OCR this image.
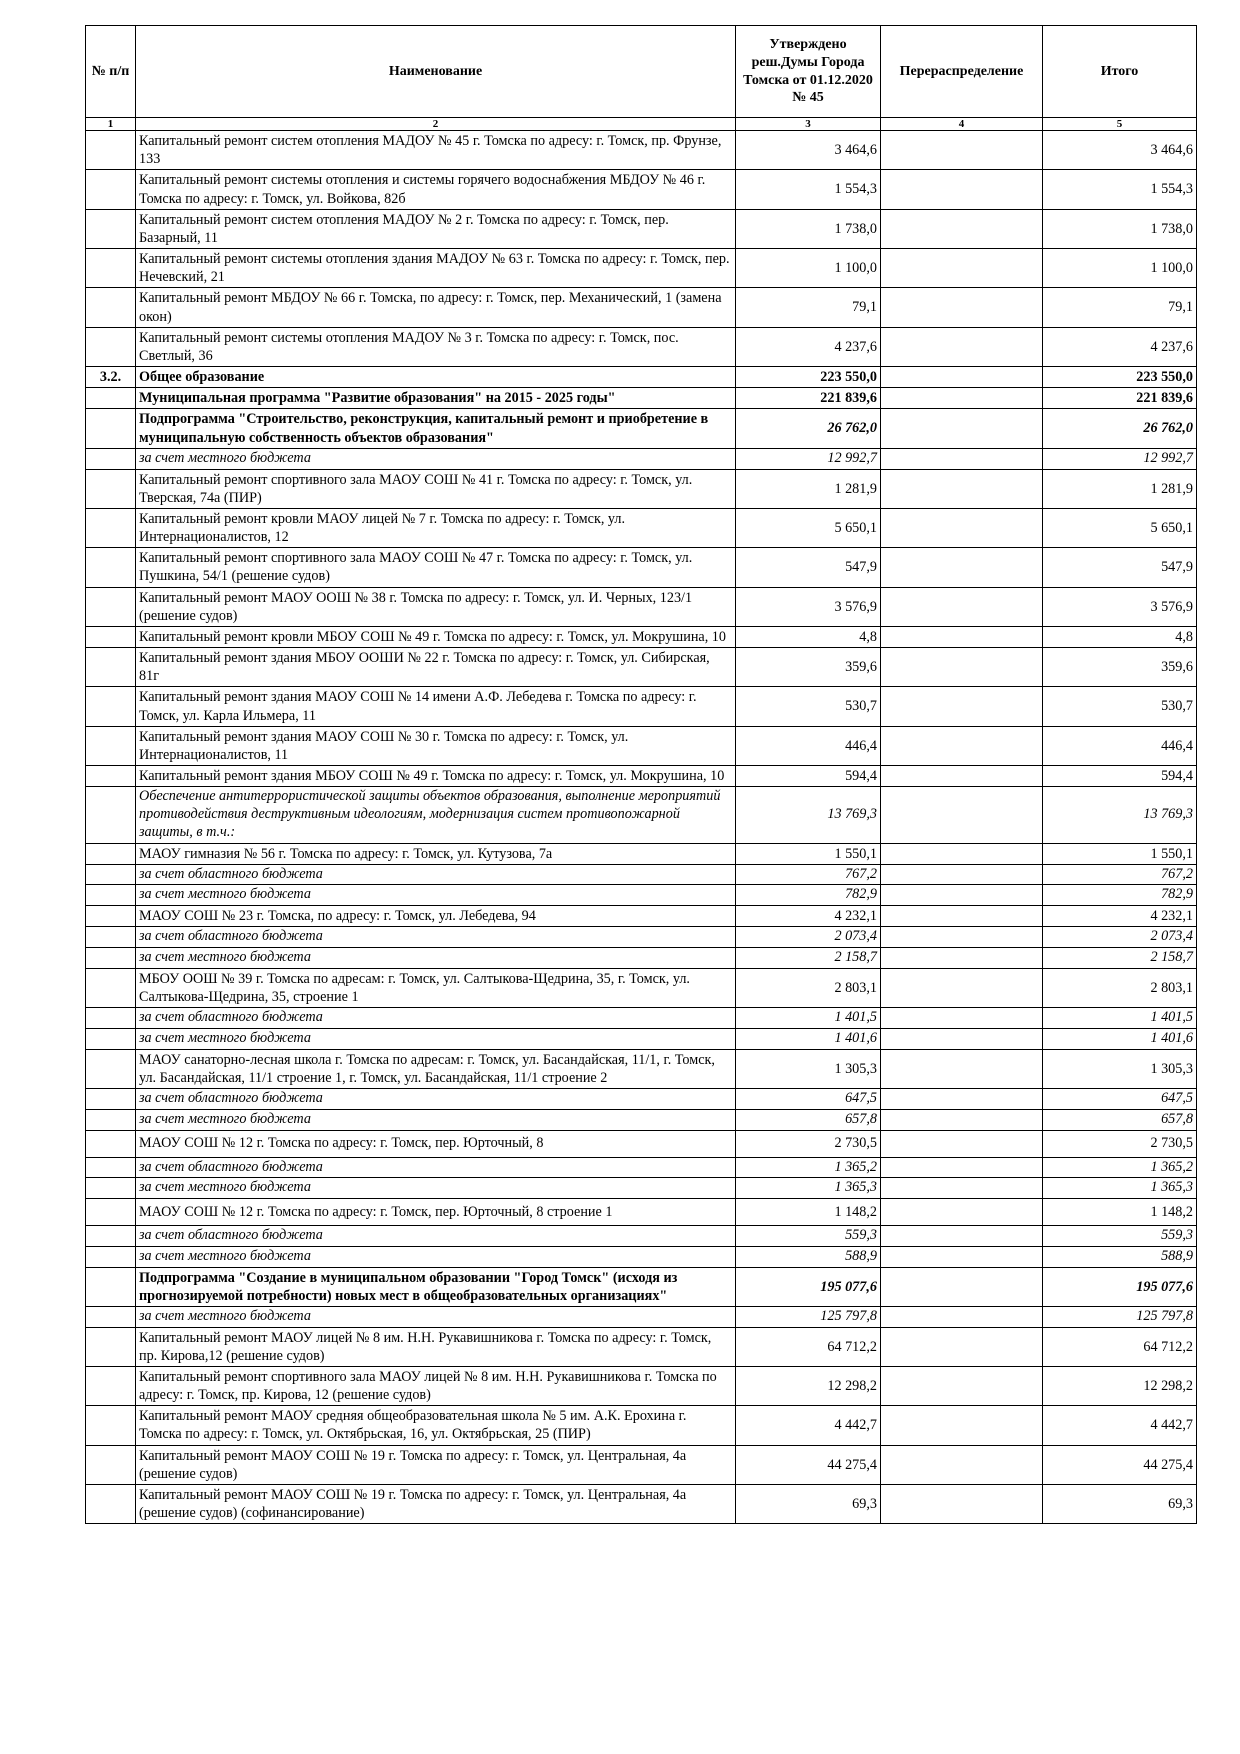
№ п/п	Наименование	Утверждено реш.Думы Города Томска от 01.12.2020 № 45	Перераспределение	Итого
1	2	3	4	5
	Капитальный ремонт систем отопления МАДОУ № 45 г. Томска по адресу: г. Томск, пр. Фрунзе, 133	3 464,6		3 464,6
	Капитальный ремонт системы отопления и системы горячего водоснабжения МБДОУ № 46 г. Томска по адресу: г. Томск, ул. Войкова, 82б	1 554,3		1 554,3
	Капитальный ремонт систем отопления МАДОУ № 2 г. Томска по адресу: г. Томск, пер. Базарный, 11	1 738,0		1 738,0
	Капитальный ремонт системы отопления здания МАДОУ № 63 г. Томска по адресу: г. Томск, пер. Нечевский, 21	1 100,0		1 100,0
	Капитальный ремонт МБДОУ № 66 г. Томска, по адресу: г. Томск, пер. Механический, 1 (замена окон)	79,1		79,1
	Капитальный ремонт системы отопления МАДОУ № 3 г. Томска по адресу: г. Томск, пос. Светлый, 36	4 237,6		4 237,6
3.2.	Общее образование	223 550,0		223 550,0
	Муниципальная программа "Развитие образования" на 2015 - 2025 годы"	221 839,6		221 839,6
	Подпрограмма "Строительство, реконструкция, капитальный ремонт и приобретение в муниципальную собственность объектов образования"	26 762,0		26 762,0
	за счет местного бюджета	12 992,7		12 992,7
	Капитальный ремонт спортивного зала МАОУ СОШ № 41 г. Томска по адресу: г. Томск, ул. Тверская, 74а (ПИР)	1 281,9		1 281,9
	Капитальный ремонт кровли МАОУ лицей № 7 г. Томска по адресу: г. Томск, ул. Интернационалистов, 12	5 650,1		5 650,1
	Капитальный ремонт спортивного зала МАОУ СОШ № 47 г. Томска по адресу: г. Томск, ул. Пушкина, 54/1 (решение судов)	547,9		547,9
	Капитальный ремонт МАОУ ООШ № 38 г. Томска по адресу: г. Томск, ул. И. Черных, 123/1 (решение судов)	3 576,9		3 576,9
	Капитальный ремонт кровли МБОУ СОШ № 49 г. Томска по адресу: г. Томск, ул. Мокрушина, 10	4,8		4,8
	Капитальный ремонт здания МБОУ ООШИ № 22 г. Томска по адресу: г. Томск, ул. Сибирская, 81г	359,6		359,6
	Капитальный ремонт здания МАОУ СОШ № 14 имени А.Ф. Лебедева г. Томска по адресу: г. Томск, ул. Карла Ильмера, 11	530,7		530,7
	Капитальный ремонт здания МАОУ СОШ № 30 г. Томска по адресу: г. Томск, ул. Интернационалистов, 11	446,4		446,4
	Капитальный ремонт здания МБОУ СОШ № 49 г. Томска по адресу: г. Томск, ул. Мокрушина, 10	594,4		594,4
	Обеспечение антитеррористической защиты объектов образования, выполнение мероприятий противодействия деструктивным идеологиям, модернизация систем противопожарной защиты, в т.ч.:	13 769,3		13 769,3
	МАОУ гимназия № 56 г. Томска по адресу: г. Томск, ул. Кутузова, 7а	1 550,1		1 550,1
	за счет областного бюджета	767,2		767,2
	за счет местного бюджета	782,9		782,9
	МАОУ СОШ № 23 г. Томска, по адресу: г. Томск, ул. Лебедева, 94	4 232,1		4 232,1
	за счет областного бюджета	2 073,4		2 073,4
	за счет местного бюджета	2 158,7		2 158,7
	МБОУ ООШ № 39 г. Томска по адресам: г. Томск, ул. Салтыкова-Щедрина, 35, г. Томск, ул. Салтыкова-Щедрина, 35, строение 1	2 803,1		2 803,1
	за счет областного бюджета	1 401,5		1 401,5
	за счет местного бюджета	1 401,6		1 401,6
	МАОУ санаторно-лесная школа г. Томска по адресам: г. Томск, ул. Басандайская, 11/1, г. Томск, ул. Басандайская, 11/1 строение 1, г. Томск, ул. Басандайская, 11/1 строение 2	1 305,3		1 305,3
	за счет областного бюджета	647,5		647,5
	за счет местного бюджета	657,8		657,8
	МАОУ СОШ № 12 г. Томска по адресу: г. Томск, пер. Юрточный, 8	2 730,5		2 730,5
	за счет областного бюджета	1 365,2		1 365,2
	за счет местного бюджета	1 365,3		1 365,3
	МАОУ СОШ № 12 г. Томска по адресу: г. Томск, пер. Юрточный, 8 строение 1	1 148,2		1 148,2
	за счет областного бюджета	559,3		559,3
	за счет местного бюджета	588,9		588,9
	Подпрограмма "Создание в муниципальном образовании "Город Томск" (исходя из прогнозируемой потребности) новых мест в общеобразовательных организациях"	195 077,6		195 077,6
	за счет местного бюджета	125 797,8		125 797,8
	Капитальный ремонт МАОУ лицей № 8 им. Н.Н. Рукавишникова г. Томска по адресу: г. Томск, пр. Кирова,12 (решение судов)	64 712,2		64 712,2
	Капитальный ремонт спортивного зала МАОУ лицей № 8 им. Н.Н. Рукавишникова г. Томска по адресу: г. Томск, пр. Кирова, 12 (решение судов)	12 298,2		12 298,2
	Капитальный ремонт МАОУ средняя общеобразовательная школа № 5 им. А.К. Ерохина г. Томска по адресу: г. Томск, ул. Октябрьская, 16, ул. Октябрьская, 25 (ПИР)	4 442,7		4 442,7
	Капитальный ремонт МАОУ СОШ № 19 г. Томска по адресу: г. Томск, ул. Центральная, 4а (решение судов)	44 275,4		44 275,4
	Капитальный ремонт МАОУ СОШ № 19 г. Томска по адресу: г. Томск, ул. Центральная, 4а (решение судов) (софинансирование)	69,3		69,3
